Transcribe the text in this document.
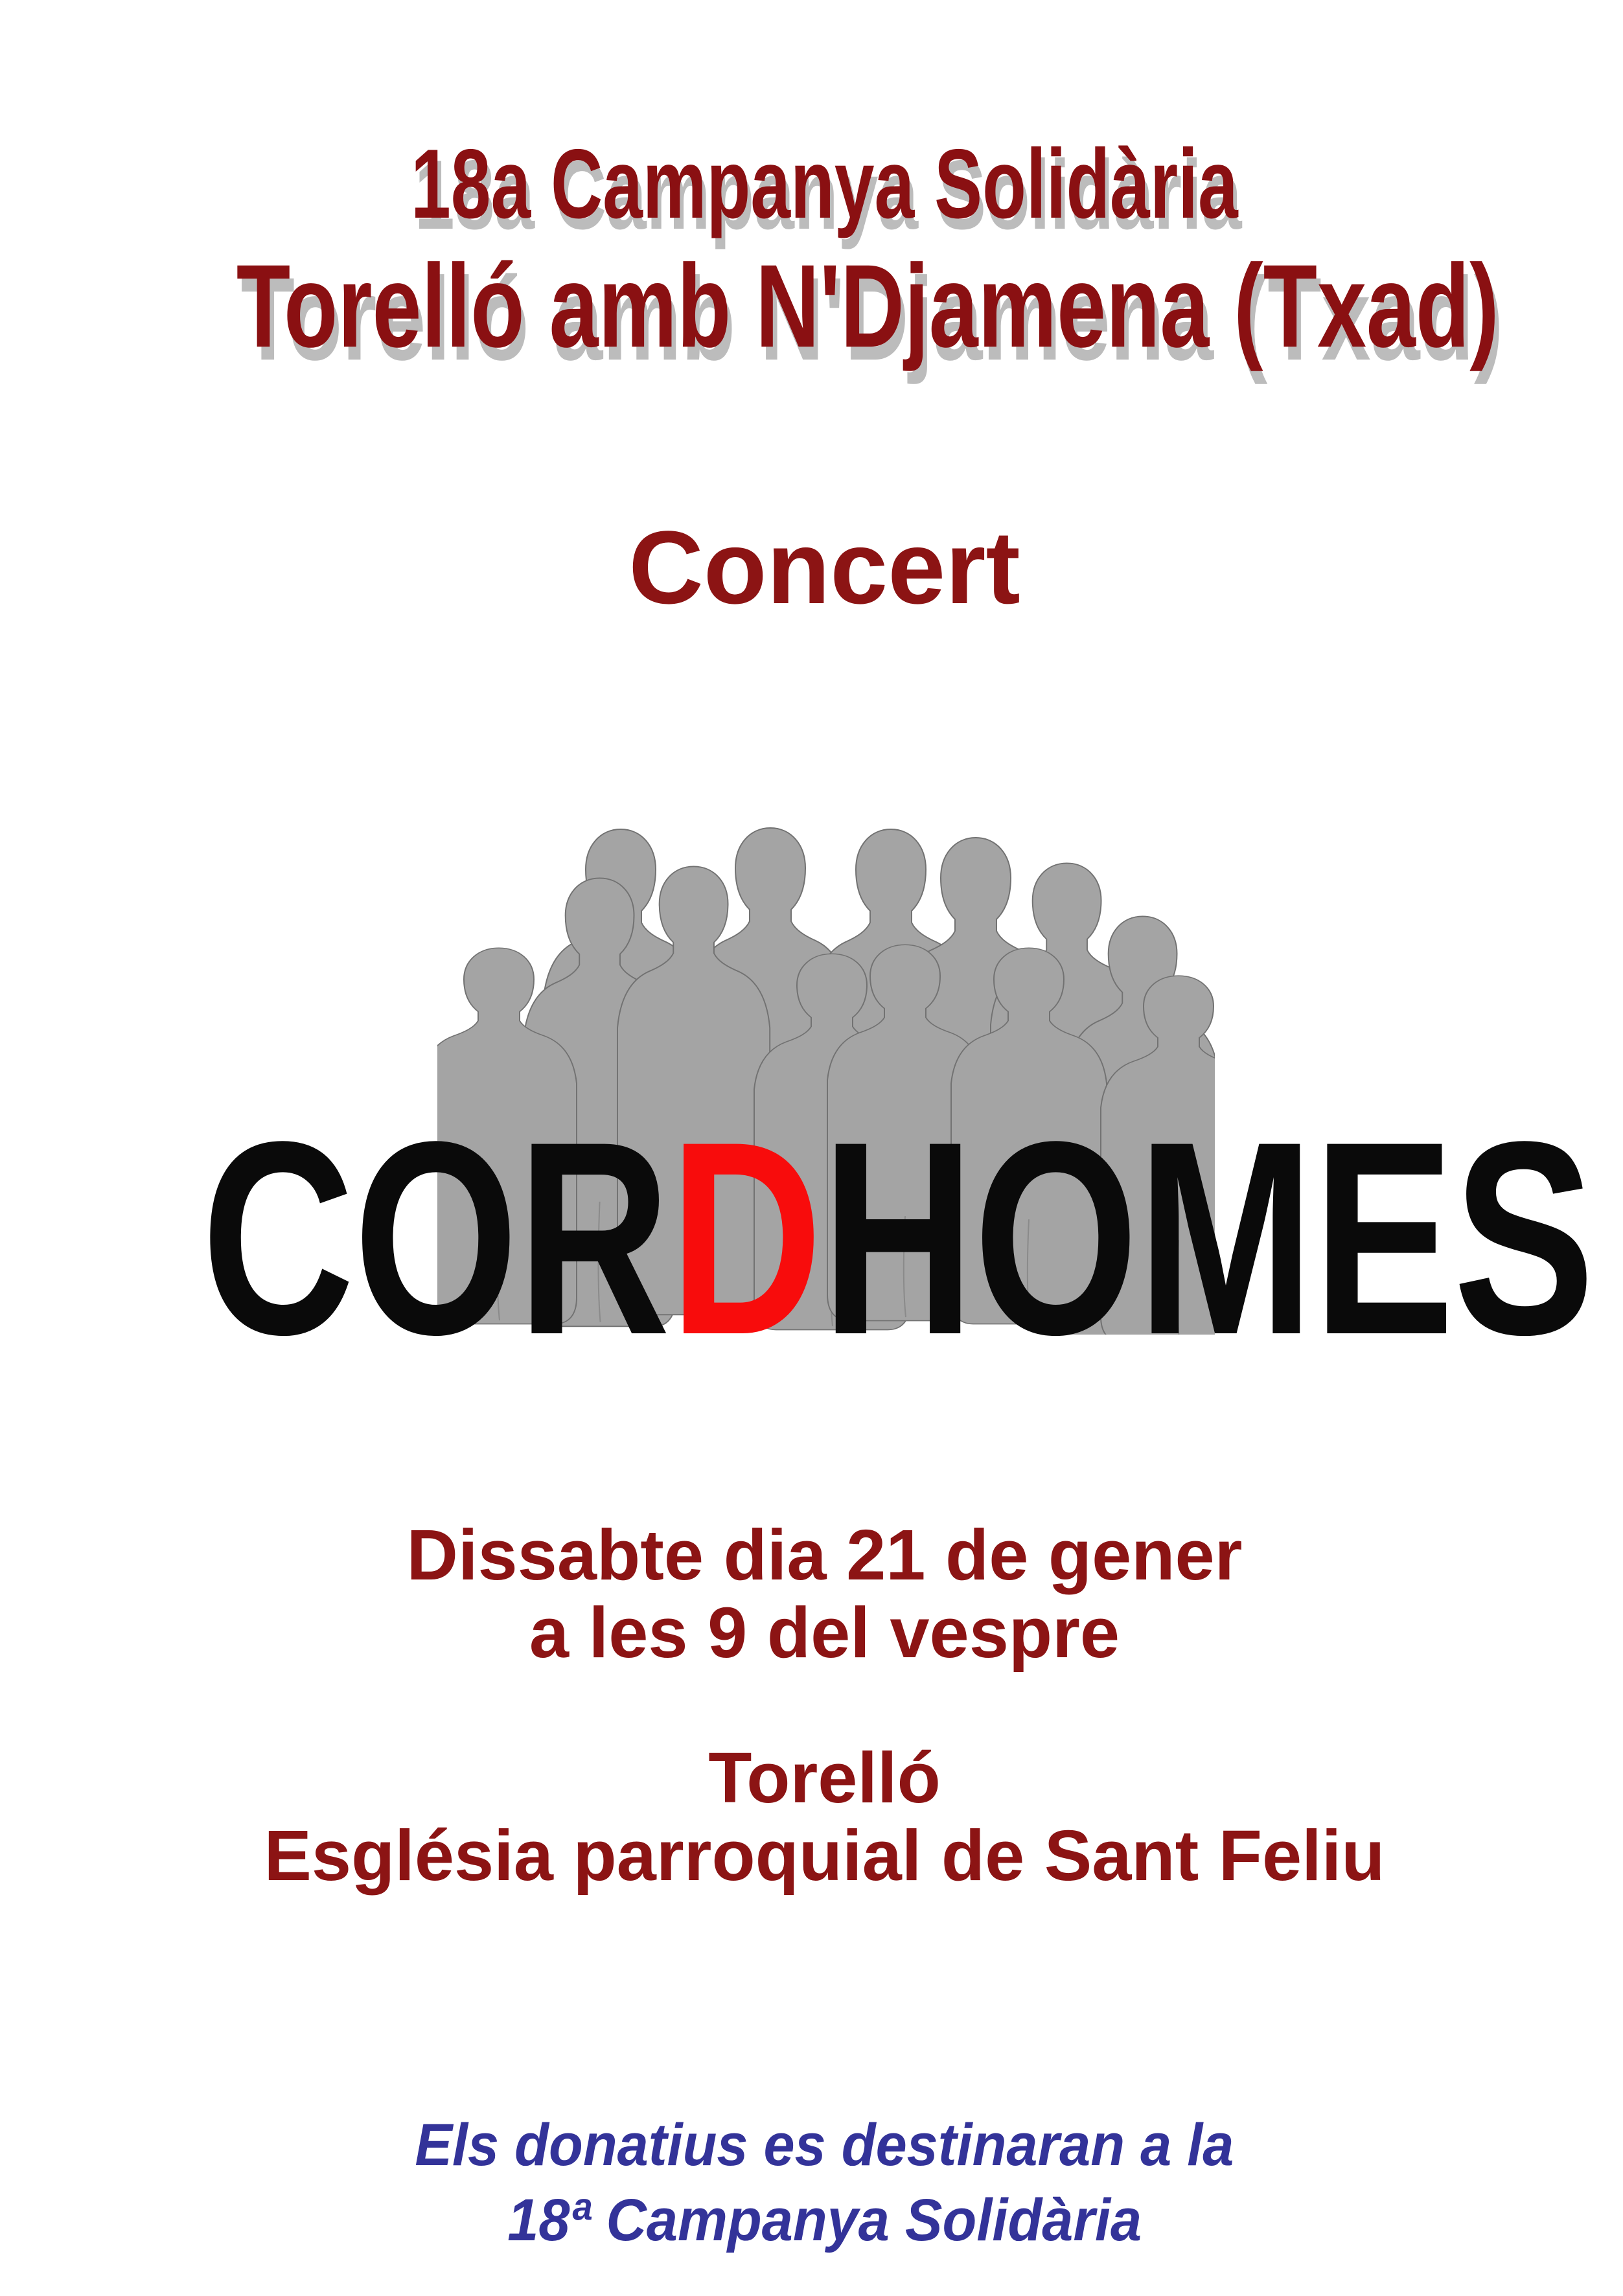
18a Campanya Solidària
Torelló amb N'Djamena (Txad)
Concert
CORDHOMES
Dissabte dia 21 de gener
a les 9 del vespre
Torelló
Església parroquial de Sant Feliu
Els donatius es destinaran a la
18ª Campanya Solidària
